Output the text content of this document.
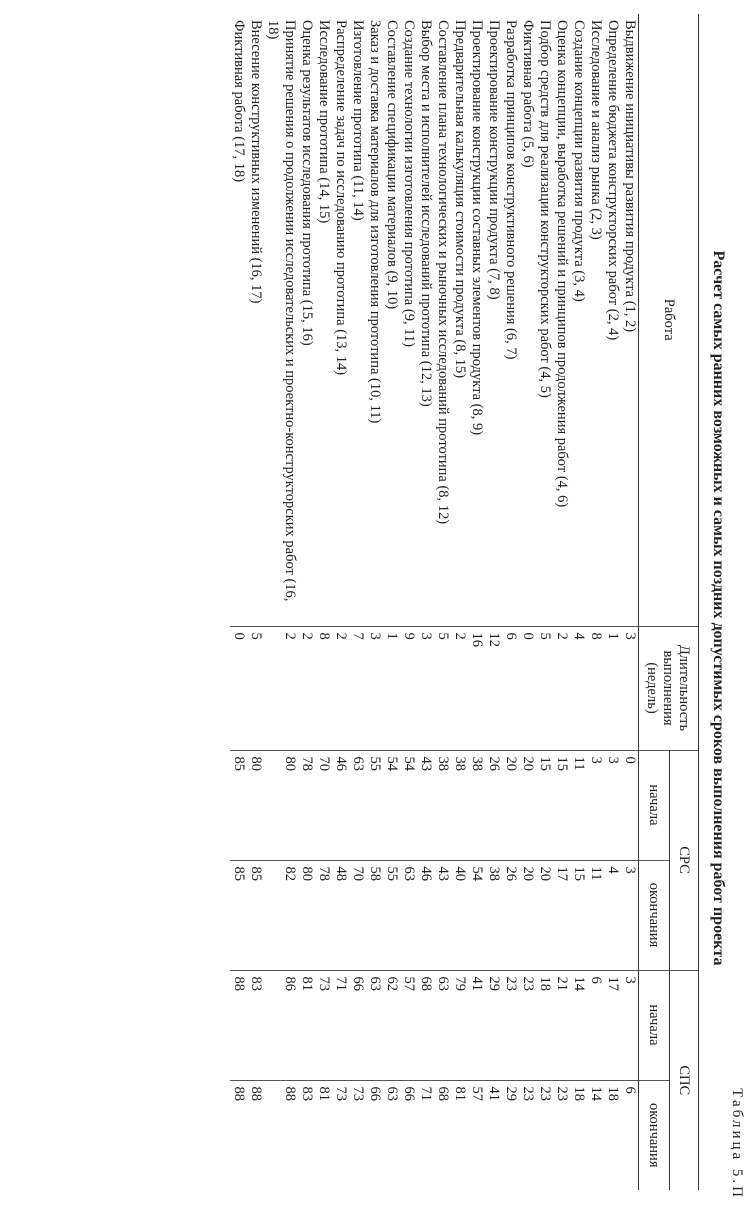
Таблица 5.П
Расчет самых ранних возможных и самых поздних допустимых сроков выполнения работ проекта
Работа	Длительность выполнения (недель)	СРС		СПС	
		начала	окончания	начала	окончания
Выдвижение инициативы развития продукта (1, 2)	3	0	3	3	6
Определение бюджета конструкторских работ (2, 4)	1	3	4	17	18
Исследование и анализ рынка (2, 3)	8	3	11	6	14
Создание концепции развития продукта (3, 4)	4	11	15	14	18
Оценка концепции, выработка решений и принципов продолжения работ (4, 6)	2	15	17	21	23
Подбор средств для реализации конструкторских работ (4, 5)	5	15	20	18	23
Фиктивная работа (5, 6)	0	20	20	23	23
Разработка принципов конструктивного решения (6, 7)	6	20	26	23	29
Проектирование конструкции продукта (7, 8)	12	26	38	29	41
Проектирование конструкции составных элементов продукта (8, 9)	16	38	54	41	57
Предварительная калькуляция стоимости продукта (8, 15)	2	38	40	79	81
Составление плана технологических и рыночных исследований прототипа (8, 12)	5	38	43	63	68
Выбор места и исполнителей исследований прототипа (12, 13)	3	43	46	68	71
Создание технологии изготовления прототипа (9, 11)	9	54	63	57	66
Составление спецификации материалов (9, 10)	1	54	55	62	63
Заказ и доставка материалов для изготовления прототипа (10, 11)	3	55	58	63	66
Изготовление прототипа (11, 14)	7	63	70	66	73
Распределение задач по исследованию прототипа (13, 14)	2	46	48	71	73
Исследование прототипа (14, 15)	8	70	78	73	81
Оценка результатов исследования прототипа (15, 16)	2	78	80	81	83
Принятие решения о продолжении исследовательских и проектно-конструкторских работ (16, 18)	2	80	82	86	88
Внесение конструктивных изменений (16, 17)	5	80	85	83	88
Фиктивная работа (17, 18)	0	85	85	88	88
